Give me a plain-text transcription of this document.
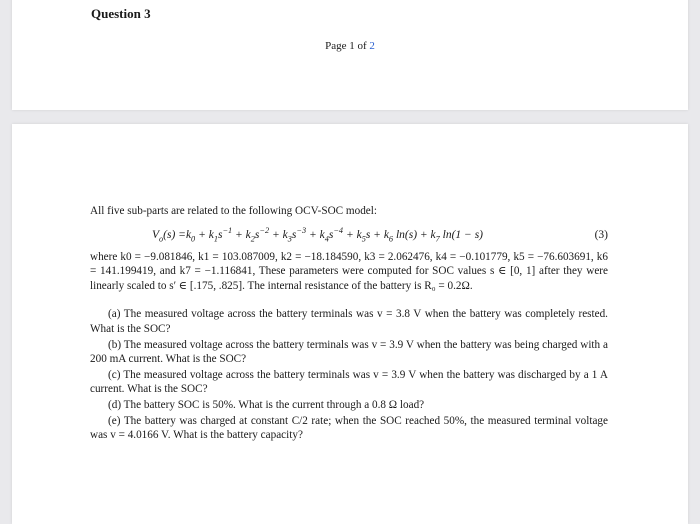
Question 3
Page 1 of 2

All five sub-parts are related to the following OCV-SOC model:

$V_o(s) =k_0 + k_1s^{-1} + k_2s^{-2} + k_3s^{-3} + k_4s^{-4} + k_5s + k_6$ $\ln(s) + k_7$ ln(1 − s)	(3)

where k0 = −9.081846, k1 = 103.087009, k2 = −18.184590, k3 = 2.062476, k4 = −0.101779, k5 = −76.603691, k6 = 141.199419, and k7 = −1.116841, These parameters were computed for SOC values s ∈ [0, 1] after they were linearly scaled to s′ ∈ [.175, .825]. The internal resistance of the battery is R₀ = 0.2Ω.

(a) The measured voltage across the battery terminals was v = 3.8 V when the battery was completely rested. What is the SOC?
(b) The measured voltage across the battery terminals was v = 3.9 V when the battery was being charged with a 200 mA current. What is the SOC?
(c) The measured voltage across the battery terminals was v = 3.9 V when the battery was discharged by a 1 A current. What is the SOC?
(d) The battery SOC is 50%. What is the current through a 0.8 Ω load?
(e) The battery was charged at constant C/2 rate; when the SOC reached 50%, the measured terminal voltage was v = 4.0166 V. What is the battery capacity?
